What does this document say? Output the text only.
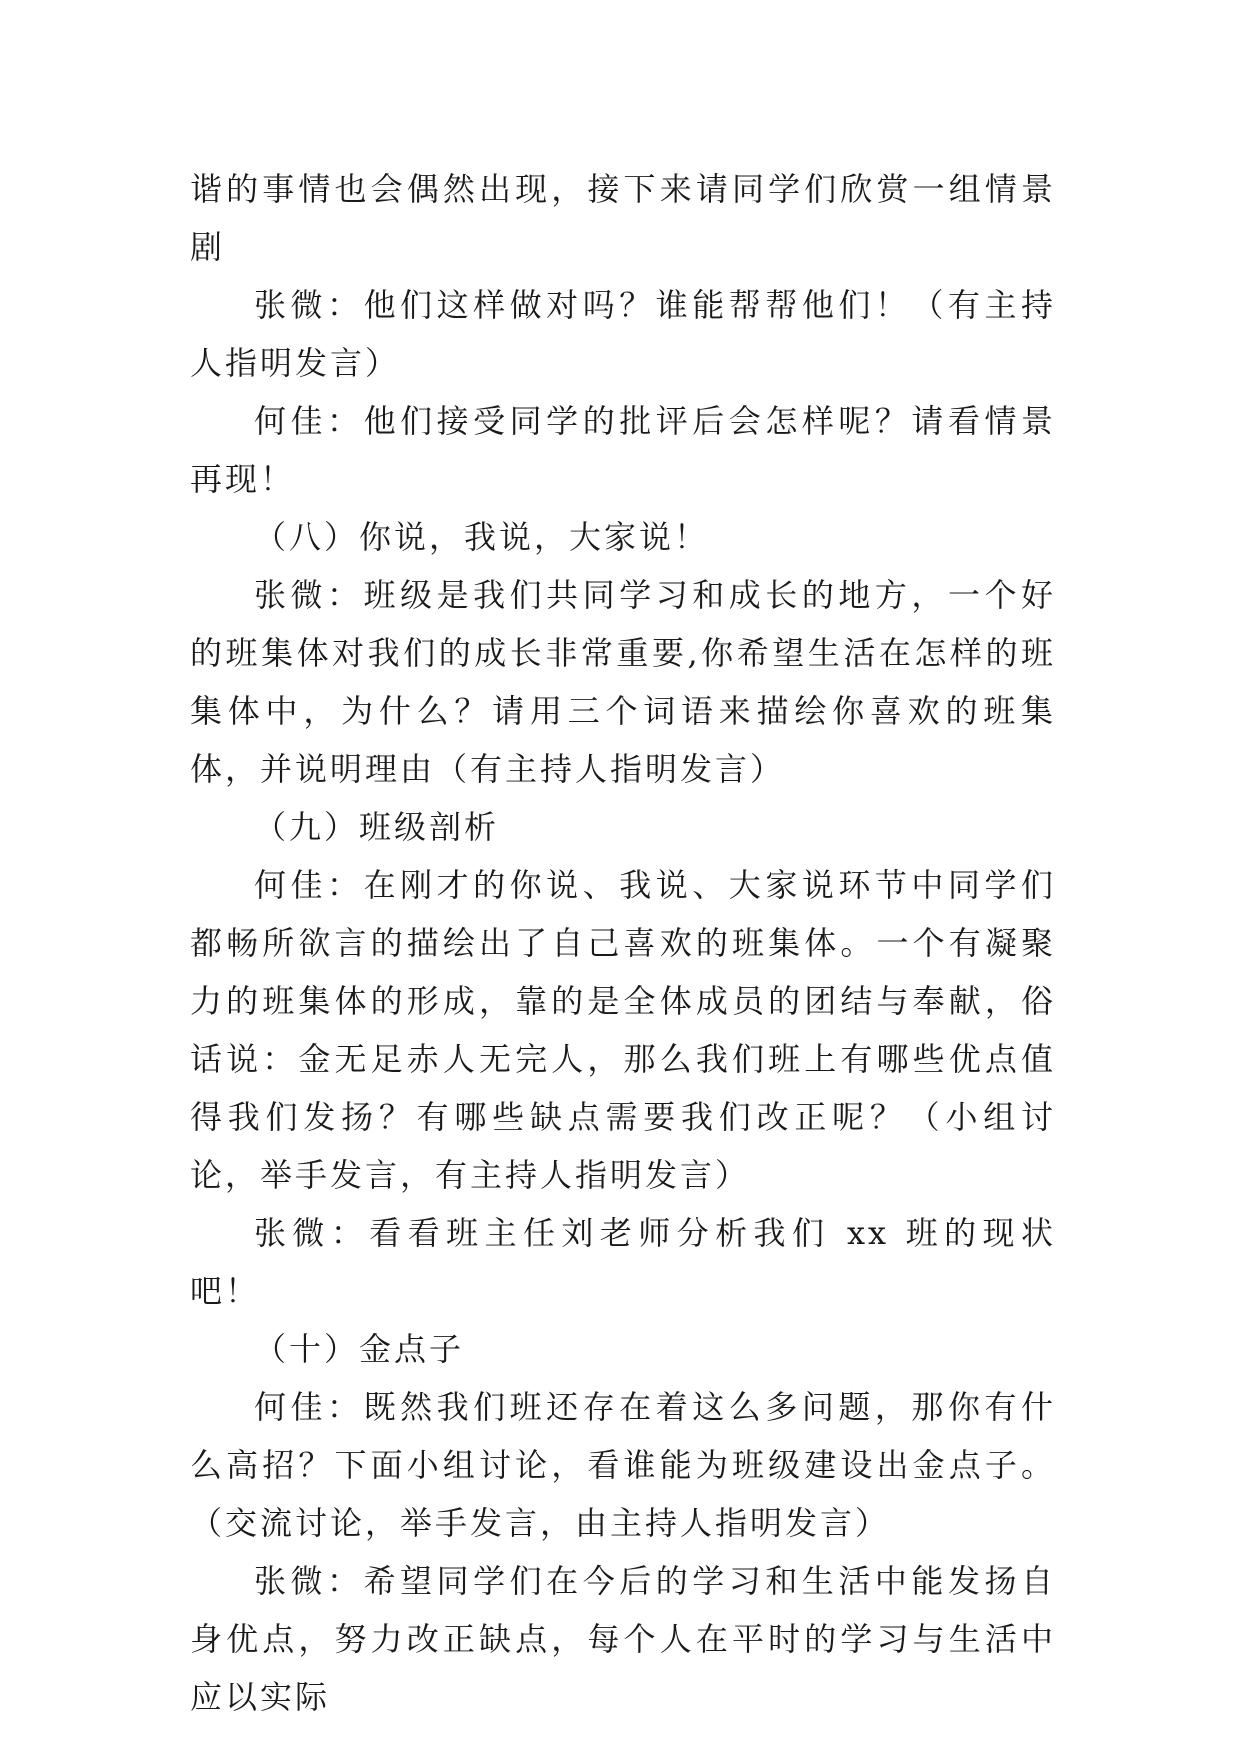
谐的事情也会偶然出现，接下来请同学们欣赏一组情景剧

张微：他们这样做对吗？谁能帮帮他们！（有主持人指明发言）

何佳：他们接受同学的批评后会怎样呢？请看情景再现！

（八）你说，我说，大家说！

张微：班级是我们共同学习和成长的地方，一个好的班集体对我们的成长非常重要,你希望生活在怎样的班集体中，为什么？请用三个词语来描绘你喜欢的班集体，并说明理由（有主持人指明发言）

（九）班级剖析

何佳：在刚才的你说、我说、大家说环节中同学们都畅所欲言的描绘出了自己喜欢的班集体。一个有凝聚力的班集体的形成，靠的是全体成员的团结与奉献，俗话说：金无足赤人无完人，那么我们班上有哪些优点值得我们发扬？有哪些缺点需要我们改正呢？（小组讨论，举手发言，有主持人指明发言）

张微：看看班主任刘老师分析我们 xx 班的现状吧！

（十）金点子

何佳：既然我们班还存在着这么多问题，那你有什么高招？下面小组讨论，看谁能为班级建设出金点子。（交流讨论，举手发言，由主持人指明发言）

张微：希望同学们在今后的学习和生活中能发扬自身优点，努力改正缺点，每个人在平时的学习与生活中应以实际
